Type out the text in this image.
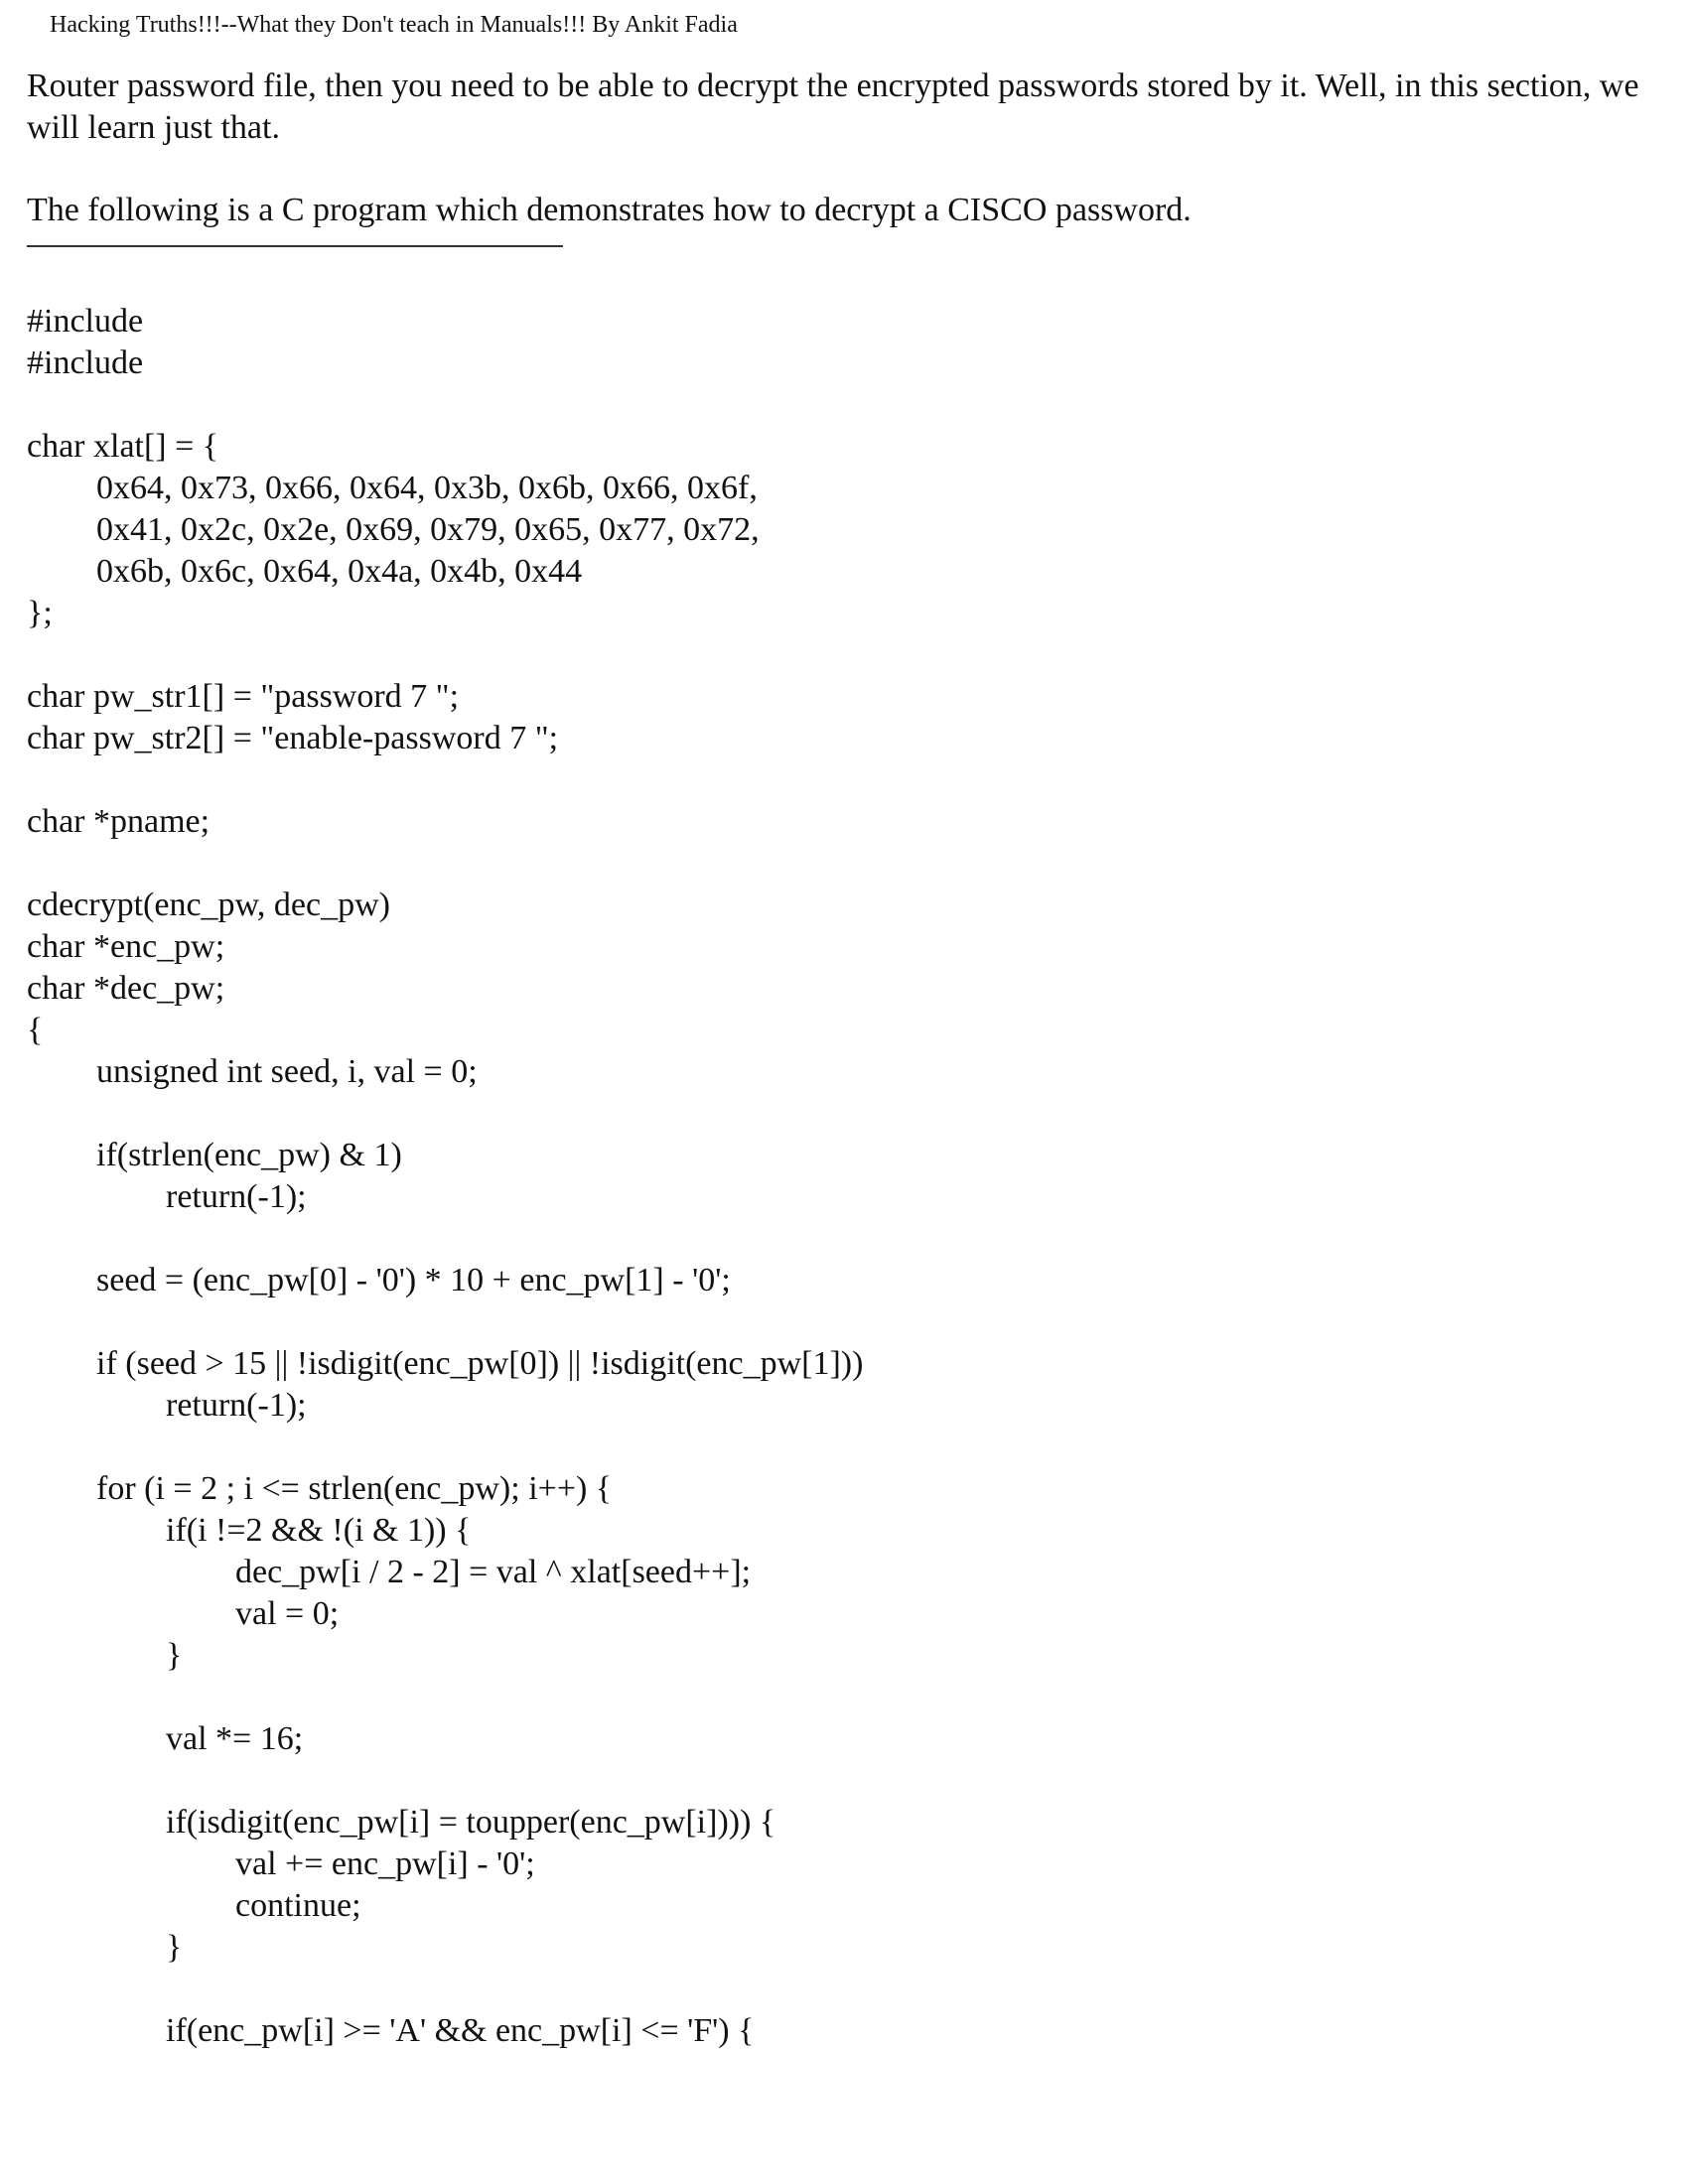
Hacking Truths!!!--What they Don't teach in Manuals!!! By Ankit Fadia

Router password file, then you need to be able to decrypt the encrypted passwords stored by it. Well, in this section, we will learn just that.

The following is a C program which demonstrates how to decrypt a CISCO password.

#include
#include
char xlat[] = {
0x64, 0x73, 0x66, 0x64, 0x3b, 0x6b, 0x66, 0x6f,
0x41, 0x2c, 0x2e, 0x69, 0x79, 0x65, 0x77, 0x72,
0x6b, 0x6c, 0x64, 0x4a, 0x4b, 0x44
};
char pw_str1[] = "password 7 ";
char pw_str2[] = "enable-password 7 ";
char *pname;
cdecrypt(enc_pw, dec_pw)
char *enc_pw;
char *dec_pw;
{
unsigned int seed, i, val = 0;
if(strlen(enc_pw) & 1)
return(-1);
seed = (enc_pw[0] - '0') * 10 + enc_pw[1] - '0';
if (seed > 15 || !isdigit(enc_pw[0]) || !isdigit(enc_pw[1]))
return(-1);
for (i = 2 ; i <= strlen(enc_pw); i++) {
if(i !=2 && !(i & 1)) {
dec_pw[i / 2 - 2] = val ^ xlat[seed++];
val = 0;
}
val *= 16;
if(isdigit(enc_pw[i] = toupper(enc_pw[i]))) {
val += enc_pw[i] - '0';
continue;
}
if(enc_pw[i] >= 'A' && enc_pw[i] <= 'F') {
